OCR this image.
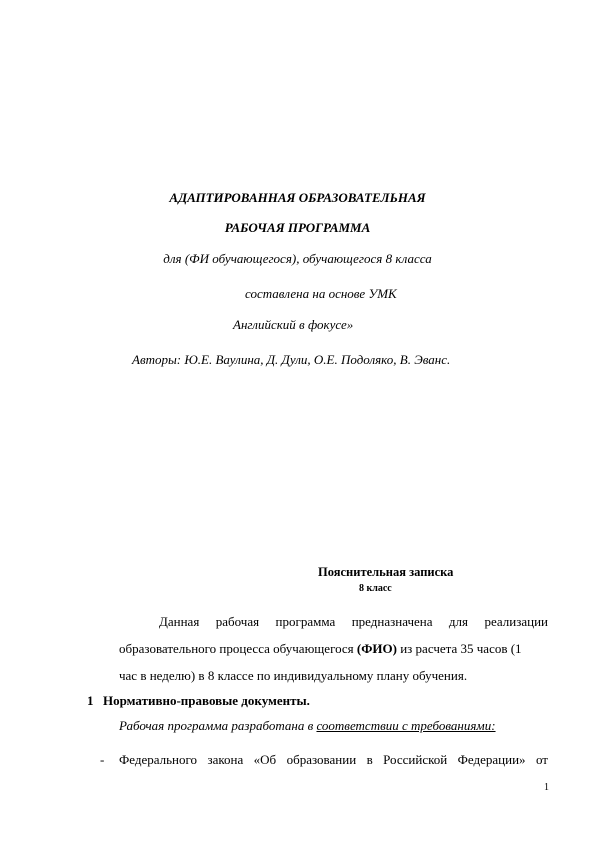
АДАПТИРОВАННАЯ ОБРАЗОВАТЕЛЬНАЯ
РАБОЧАЯ ПРОГРАММА
для (ФИ обучающегося), обучающегося 8 класса
составлена на основе УМК
Английский в фокусе»
Авторы: Ю.Е. Ваулина, Д. Дули, О.Е. Подоляко, В. Эванс.
Пояснительная записка
8 класс
Данная рабочая программа предназначена для реализации
образовательного процесса обучающегося (ФИО) из расчета 35 часов (1
час в неделю) в 8 классе по индивидуальному плану обучения.
1 Нормативно-правовые документы.
Рабочая программа разработана в соответствии с требованиями:
- Федерального закона «Об образовании в Российской Федерации» от
1
